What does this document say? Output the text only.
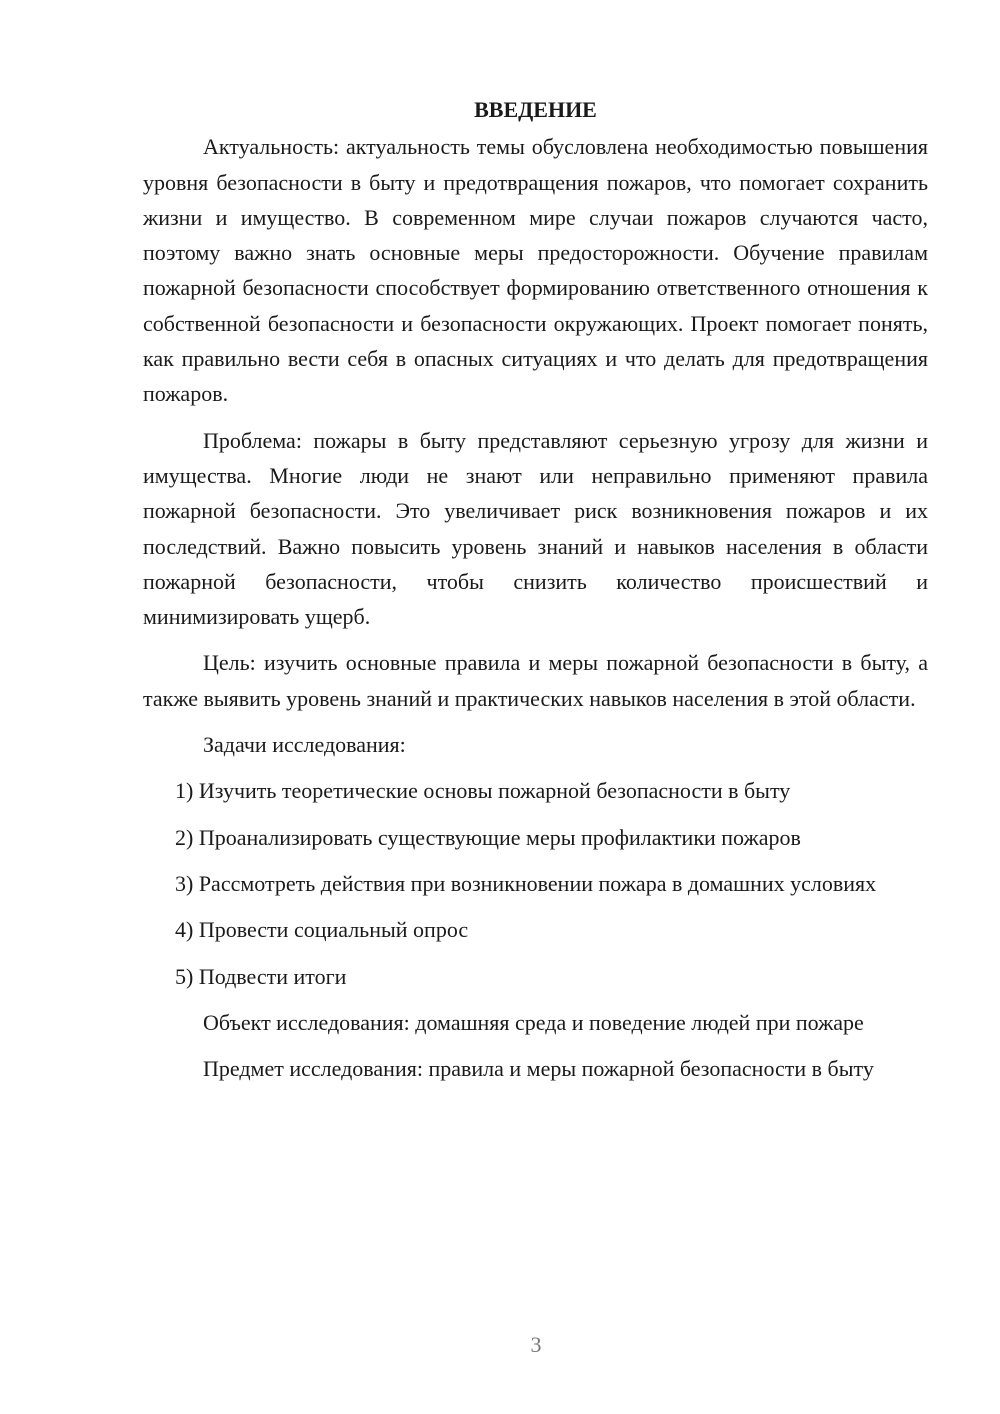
ВВЕДЕНИЕ

Актуальность: актуальность темы обусловлена необходимостью повышения уровня безопасности в быту и предотвращения пожаров, что помогает сохранить жизни и имущество. В современном мире случаи пожаров случаются часто, поэтому важно знать основные меры предосторожности. Обучение правилам пожарной безопасности способствует формированию ответственного отношения к собственной безопасности и безопасности окружающих. Проект помогает понять, как правильно вести себя в опасных ситуациях и что делать для предотвращения пожаров.

Проблема: пожары в быту представляют серьезную угрозу для жизни и имущества. Многие люди не знают или неправильно применяют правила пожарной безопасности. Это увеличивает риск возникновения пожаров и их последствий. Важно повысить уровень знаний и навыков населения в области пожарной безопасности, чтобы снизить количество происшествий и минимизировать ущерб.

Цель: изучить основные правила и меры пожарной безопасности в быту, а также выявить уровень знаний и практических навыков населения в этой области.

Задачи исследования:

1) Изучить теоретические основы пожарной безопасности в быту

2) Проанализировать существующие меры профилактики пожаров

3) Рассмотреть действия при возникновении пожара в домашних условиях

4) Провести социальный опрос

5) Подвести итоги

Объект исследования: домашняя среда и поведение людей при пожаре

Предмет исследования: правила и меры пожарной безопасности в быту

3
